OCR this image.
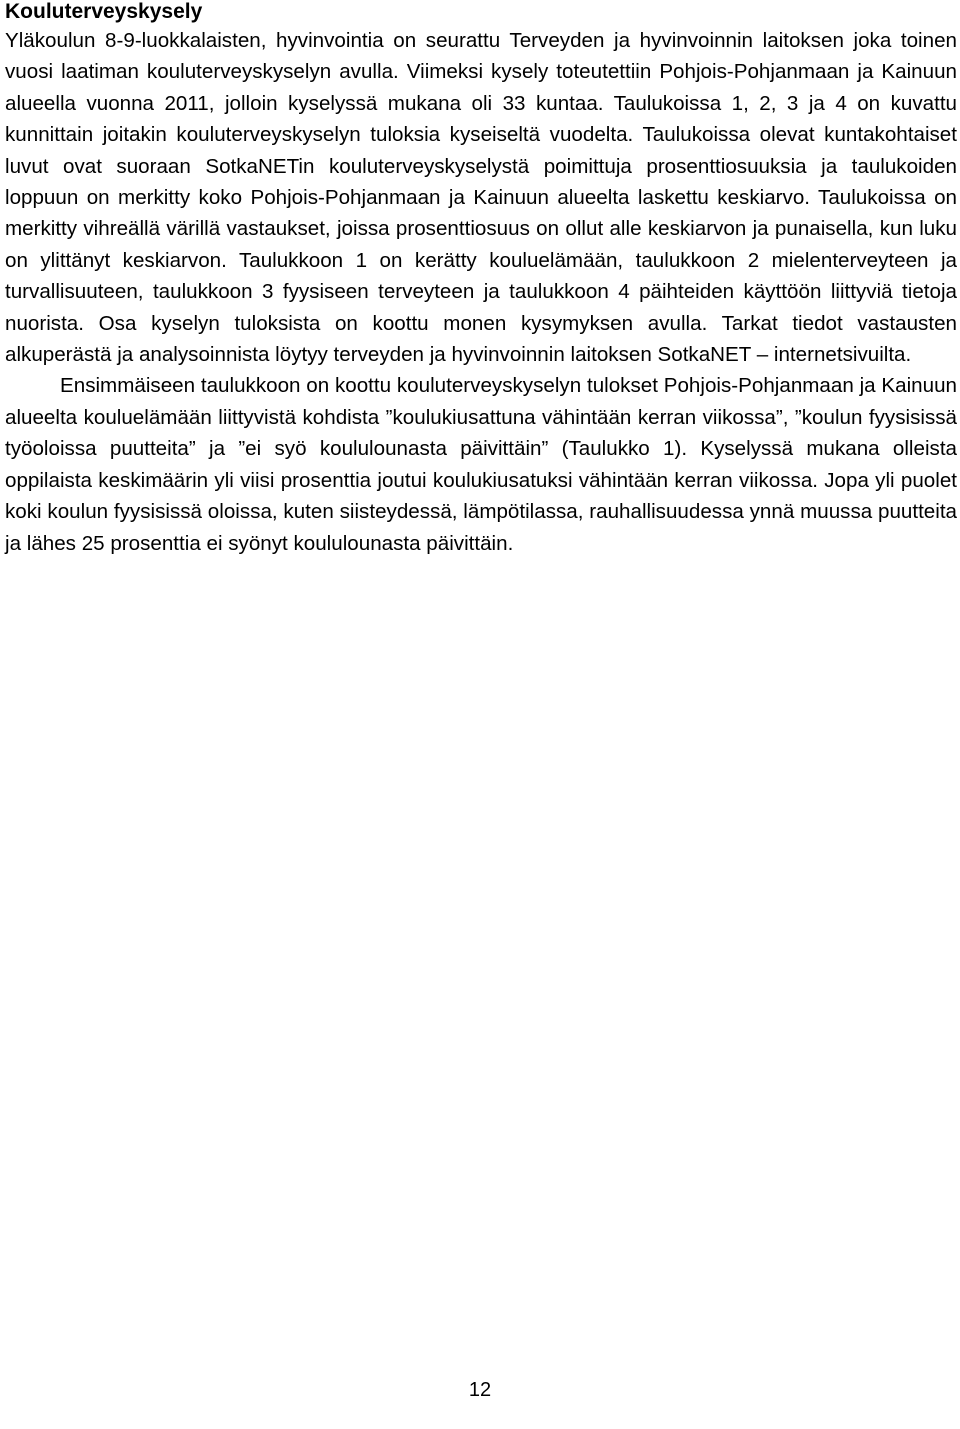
Kouluterveyskysely

Yläkoulun 8-9-luokkalaisten, hyvinvointia on seurattu Terveyden ja hyvinvoinnin laitoksen joka toinen vuosi laatiman kouluterveyskyselyn avulla. Viimeksi kysely toteutettiin Pohjois-Pohjanmaan ja Kainuun alueella vuonna 2011, jolloin kyselyssä mukana oli 33 kuntaa. Taulukoissa 1, 2, 3 ja 4 on kuvattu kunnittain joitakin kouluterveyskyselyn tuloksia kyseiseltä vuodelta. Taulukoissa olevat kuntakohtaiset luvut ovat suoraan SotkaNETin kouluterveyskyselystä poimittuja prosenttiosuuksia ja taulukoiden loppuun on merkitty koko Pohjois-Pohjanmaan ja Kainuun alueelta laskettu keskiarvo. Taulukoissa on merkitty vihreällä värillä vastaukset, joissa prosenttiosuus on ollut alle keskiarvon ja punaisella, kun luku on ylittänyt keskiarvon. Taulukkoon 1 on kerätty kouluelämään, taulukkoon 2 mielenterveyteen ja turvallisuuteen, taulukkoon 3 fyysiseen terveyteen ja taulukkoon 4 päihteiden käyttöön liittyviä tietoja nuorista. Osa kyselyn tuloksista on koottu monen kysymyksen avulla. Tarkat tiedot vastausten alkuperästä ja analysoinnista löytyy terveyden ja hyvinvoinnin laitoksen SotkaNET – internetsivuilta.

Ensimmäiseen taulukkoon on koottu kouluterveyskyselyn tulokset Pohjois-Pohjanmaan ja Kainuun alueelta kouluelämään liittyvistä kohdista ”koulukiusattuna vähintään kerran viikossa”, ”koulun fyysisissä työoloissa puutteita” ja ”ei syö koululounasta päivittäin” (Taulukko 1). Kyselyssä mukana olleista oppilaista keskimäärin yli viisi prosenttia joutui koulukiusatuksi vähintään kerran viikossa. Jopa yli puolet koki koulun fyysisissä oloissa, kuten siisteydessä, lämpötilassa, rauhallisuudessa ynnä muussa puutteita ja lähes 25 prosenttia ei syönyt koululounasta päivittäin.

12
